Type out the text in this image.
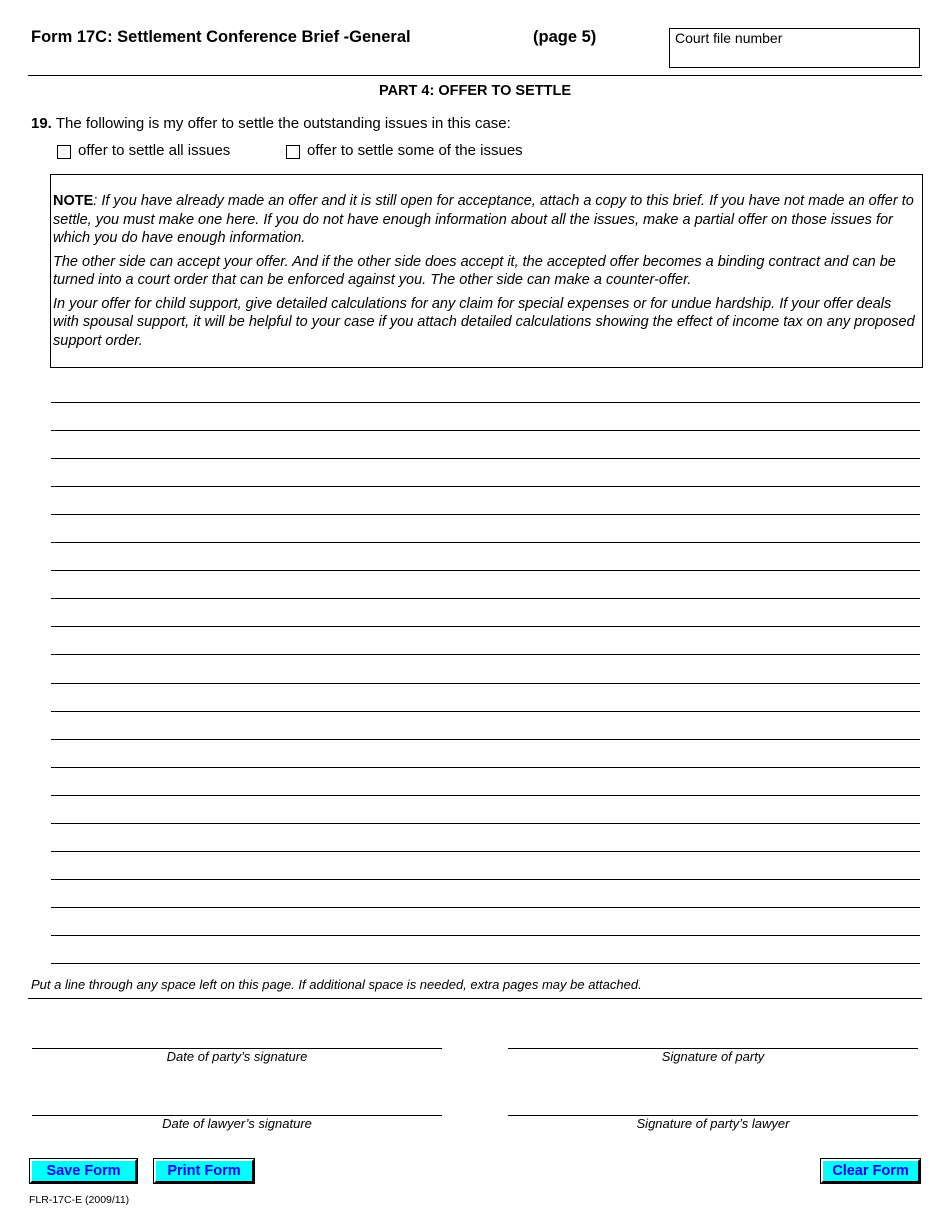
Form 17C: Settlement Conference Brief -General	(page 5)	Court file number
PART 4: OFFER TO SETTLE
19. The following is my offer to settle the outstanding issues in this case:
offer to settle all issues	offer to settle some of the issues

NOTE: If you have already made an offer and it is still open for acceptance, attach a copy to this brief. If you have not made an offer to settle, you must make one here. If you do not have enough information about all the issues, make a partial offer on those issues for which you do have enough information.

The other side can accept your offer. And if the other side does accept it, the accepted offer becomes a binding contract and can be turned into a court order that can be enforced against you. The other side can make a counter-offer.

In your offer for child support, give detailed calculations for any claim for special expenses or for undue hardship. If your offer deals with spousal support, it will be helpful to your case if you attach detailed calculations showing the effect of income tax on any proposed support order.

Put a line through any space left on this page. If additional space is needed, extra pages may be attached.
Date of party’s signature	Signature of party
Date of lawyer’s signature	Signature of party’s lawyer
Save Form	Print Form	Clear Form
FLR-17C-E (2009/11)
